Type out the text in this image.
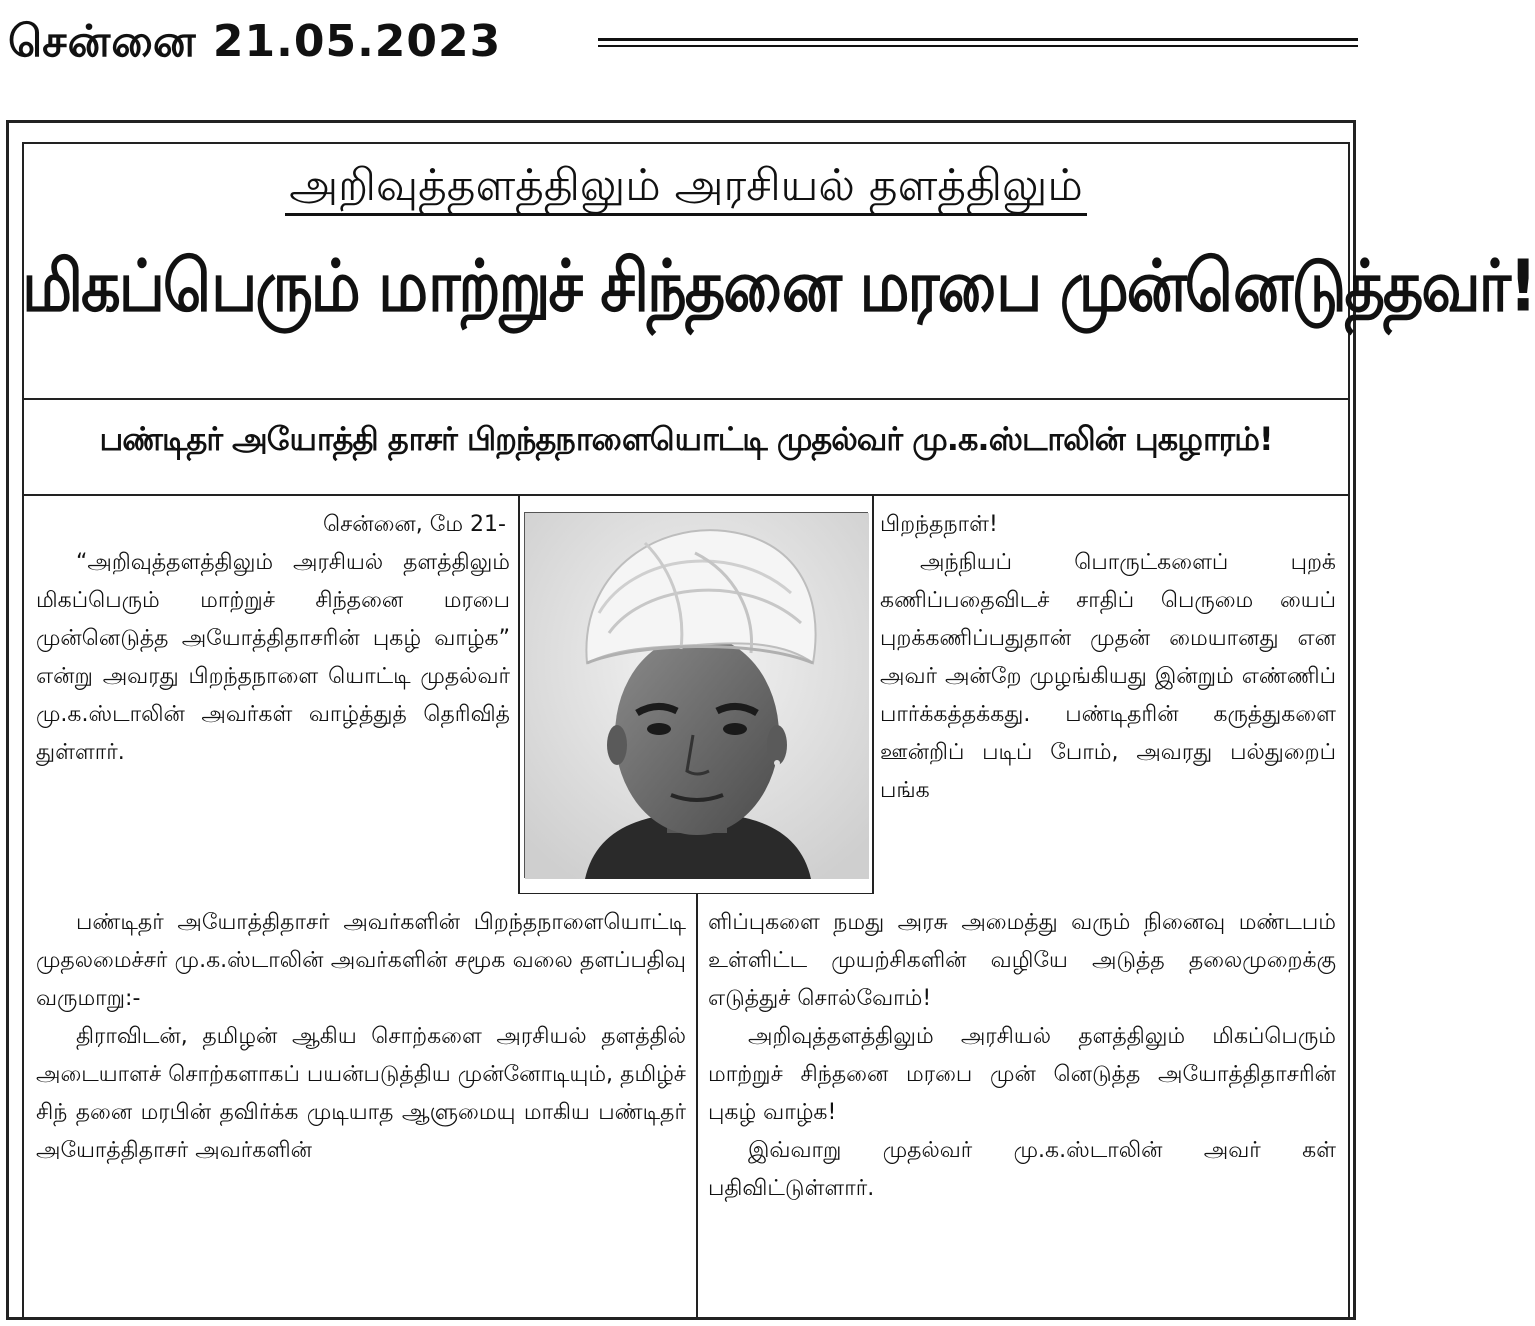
சென்னை 21.05.2023
அறிவுத்தளத்திலும் அரசியல் தளத்திலும்
மிகப்பெரும் மாற்றுச் சிந்தனை மரபை முன்னெடுத்தவர்!
பண்டிதர் அயோத்தி தாசர் பிறந்தநாளையொட்டி முதல்வர் மு.க.ஸ்டாலின் புகழாரம்!

சென்னை, மே 21-

“அறிவுத்தளத்திலும் அரசியல் தளத்திலும் மிகப்பெரும் மாற்றுச் சிந்தனை மரபை முன்னெடுத்த அயோத்திதாசரின் புகழ் வாழ்க” என்று அவரது பிறந்தநாளை யொட்டி முதல்வர் மு.க.ஸ்டாலின் அவர்கள் வாழ்த்துத் தெரிவித் துள்ளார்.

பண்டிதர் அயோத்திதாசர் அவர்களின் பிறந்தநாளையொட்டி முதலமைச்சர் மு.க.ஸ்டாலின் அவர்களின் சமூக வலை தளப்பதிவு வருமாறு:-

திராவிடன், தமிழன் ஆகிய சொற்களை அரசியல் தளத்தில் அடையாளச் சொற்களாகப் பயன்படுத்திய முன்னோடியும், தமிழ்ச் சிந் தனை மரபின் தவிர்க்க முடியாத ஆளுமையு மாகிய பண்டிதர் அயோத்திதாசர் அவர்களின்

பிறந்தநாள்!

அந்நியப் பொருட்களைப் புறக் கணிப்பதைவிடச் சாதிப் பெருமை யைப் புறக்கணிப்பதுதான் முதன் மையானது என அவர் அன்றே முழங்கியது இன்றும் எண்ணிப் பார்க்கத்தக்கது. பண்டிதரின் கருத்துகளை ஊன்றிப் படிப் போம், அவரது பல்துறைப் பங்க

ளிப்புகளை நமது அரசு அமைத்து வரும் நினைவு மண்டபம் உள்ளிட்ட முயற்சிகளின் வழியே அடுத்த தலைமுறைக்கு எடுத்துச் சொல்வோம்!

அறிவுத்தளத்திலும் அரசியல் தளத்திலும் மிகப்பெரும் மாற்றுச் சிந்தனை மரபை முன் னெடுத்த அயோத்திதாசரின் புகழ் வாழ்க!

இவ்வாறு முதல்வர் மு.க.ஸ்டாலின் அவர் கள் பதிவிட்டுள்ளார்.
